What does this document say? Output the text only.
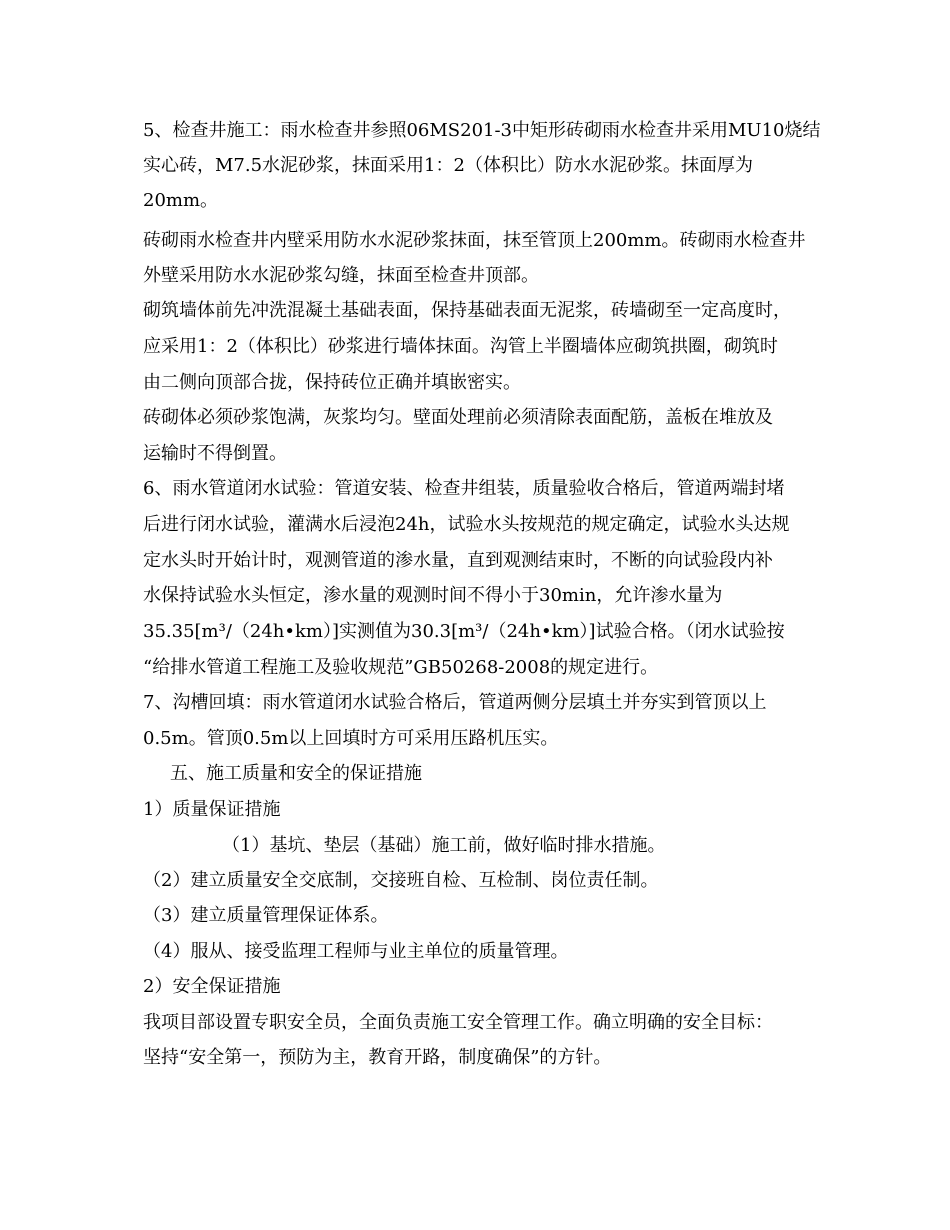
5、检查井施工：雨水检查井参照06MS201-3中矩形砖砌雨水检查井采用MU10烧结
实心砖，M7.5水泥砂浆，抹面采用1：2（体积比）防水水泥砂浆。抹面厚为
20mm。
砖砌雨水检查井内壁采用防水水泥砂浆抹面，抹至管顶上200mm。砖砌雨水检查井
外壁采用防水水泥砂浆勾缝，抹面至检查井顶部。
砌筑墙体前先冲洗混凝土基础表面，保持基础表面无泥浆，砖墙砌至一定高度时，
应采用1：2（体积比）砂浆进行墙体抹面。沟管上半圈墙体应砌筑拱圈，砌筑时
由二侧向顶部合拢，保持砖位正确并填嵌密实。
砖砌体必须砂浆饱满，灰浆均匀。壁面处理前必须清除表面配筋，盖板在堆放及
运输时不得倒置。
6、雨水管道闭水试验：管道安装、检查井组装，质量验收合格后，管道两端封堵
后进行闭水试验，灌满水后浸泡24h，试验水头按规范的规定确定，试验水头达规
定水头时开始计时，观测管道的渗水量，直到观测结束时，不断的向试验段内补
水保持试验水头恒定，渗水量的观测时间不得小于30min，允许渗水量为
35.35[m³/（24h•km）]实测值为30.3[m³/（24h•km）]试验合格。（闭水试验按
“给排水管道工程施工及验收规范”GB50268-2008的规定进行。
7、沟槽回填：雨水管道闭水试验合格后，管道两侧分层填土并夯实到管顶以上
0.5m。管顶0.5m以上回填时方可采用压路机压实。
五、施工质量和安全的保证措施
1）质量保证措施
（1）基坑、垫层（基础）施工前，做好临时排水措施。
（2）建立质量安全交底制，交接班自检、互检制、岗位责任制。
（3）建立质量管理保证体系。
（4）服从、接受监理工程师与业主单位的质量管理。
2）安全保证措施
我项目部设置专职安全员，全面负责施工安全管理工作。确立明确的安全目标：
坚持“安全第一，预防为主，教育开路，制度确保”的方针。
